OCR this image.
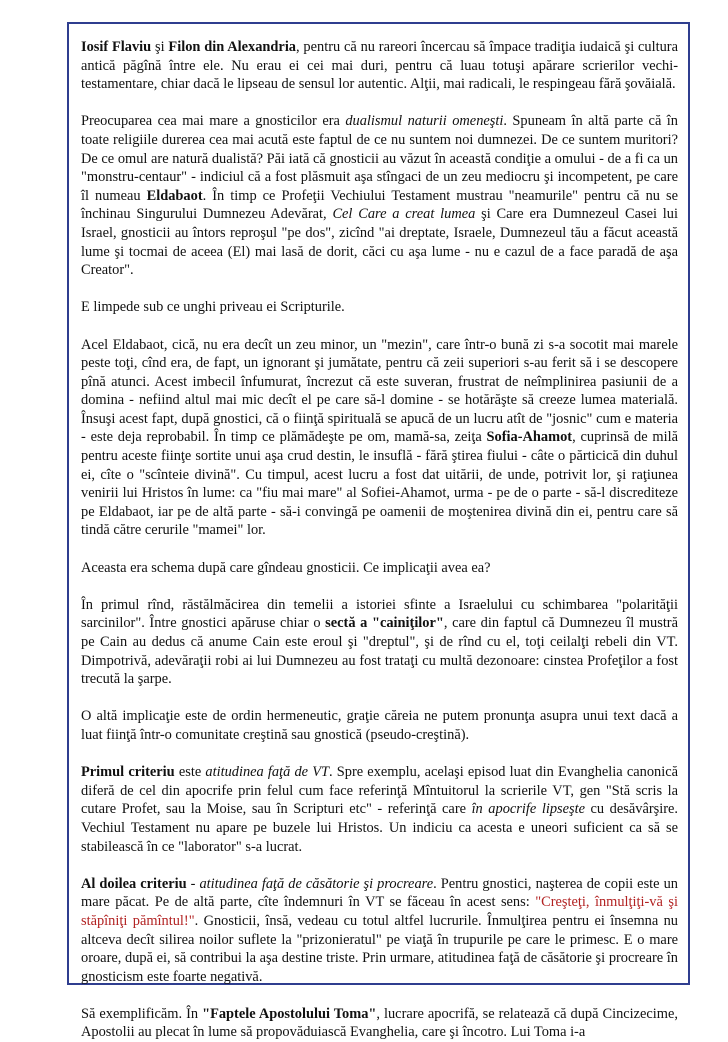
Iosif Flaviu şi Filon din Alexandria, pentru că nu rareori încercau să împace tradiţia iudaică şi cultura antică păgînă între ele. Nu erau ei cei mai duri, pentru că luau totuşi apărare scrierilor vechi-testamentare, chiar dacă le lipseau de sensul lor autentic. Alţii, mai radicali, le respingeau fără şovăială.

Preocuparea cea mai mare a gnosticilor era dualismul naturii omeneşti. Spuneam în altă parte că în toate religiile durerea cea mai acută este faptul de ce nu suntem noi dumnezei. De ce suntem muritori? De ce omul are natură dualistă? Păi iată că gnosticii au văzut în această condiţie a omului - de a fi ca un "monstru-centaur" - indiciul că a fost plăsmuit aşa stîngaci de un zeu mediocru şi incompetent, pe care îl numeau Eldabaot. În timp ce Profeţii Vechiului Testament mustrau "neamurile" pentru că nu se închinau Singurului Dumnezeu Adevărat, Cel Care a creat lumea şi Care era Dumnezeul Casei lui Israel, gnosticii au întors reproşul "pe dos", zicînd "ai dreptate, Israele, Dumnezeul tău a făcut această lume şi tocmai de aceea (El) mai lasă de dorit, căci cu aşa lume - nu e cazul de a face paradă de aşa Creator".

E limpede sub ce unghi priveau ei Scripturile.

Acel Eldabaot, cică, nu era decît un zeu minor, un "mezin", care într-o bună zi s-a socotit mai marele peste toţi, cînd era, de fapt, un ignorant şi jumătate, pentru că zeii superiori s-au ferit să i se descopere pînă atunci. Acest imbecil înfumurat, încrezut că este suveran, frustrat de neîmplinirea pasiunii de a domina - nefiind altul mai mic decît el pe care să-l domine - se hotărăşte să creeze lumea materială. Însuşi acest fapt, după gnostici, că o fiinţă spirituală se apucă de un lucru atît de "josnic" cum e materia - este deja reprobabil. În timp ce plămădeşte pe om, mamă-sa, zeiţa Sofia-Ahamot, cuprinsă de milă pentru aceste fiinţe sortite unui aşa crud destin, le insuflă - fără ştirea fiului - câte o părticică din duhul ei, cîte o "scînteie divină". Cu timpul, acest lucru a fost dat uitării, de unde, potrivit lor, şi raţiunea venirii lui Hristos în lume: ca "fiu mai mare" al Sofiei-Ahamot, urma - pe de o parte - să-l discrediteze pe Eldabaot, iar pe de altă parte - să-i convingă pe oamenii de moştenirea divină din ei, pentru care să tindă către cerurile "mamei" lor.

Aceasta era schema după care gîndeau gnosticii. Ce implicaţii avea ea?

În primul rînd, răstălmăcirea din temelii a istoriei sfinte a Israelului cu schimbarea "polarităţii sarcinilor". Între gnostici apăruse chiar o sectă a "cainiţilor", care din faptul că Dumnezeu îl mustră pe Cain au dedus că anume Cain este eroul şi "dreptul", şi de rînd cu el, toţi ceilalţi rebeli din VT. Dimpotrivă, adevăraţii robi ai lui Dumnezeu au fost trataţi cu multă dezonoare: cinstea Profeţilor a fost trecută la şarpe.

O altă implicaţie este de ordin hermeneutic, graţie căreia ne putem pronunţa asupra unui text dacă a luat fiinţă într-o comunitate creştină sau gnostică (pseudo-creştină).

Primul criteriu este atitudinea faţă de VT. Spre exemplu, acelaşi episod luat din Evanghelia canonică diferă de cel din apocrife prin felul cum face referinţă Mîntuitorul la scrierile VT, gen "Stă scris la cutare Profet, sau la Moise, sau în Scripturi etc" - referinţă care în apocrife lipseşte cu desăvârşire. Vechiul Testament nu apare pe buzele lui Hristos. Un indiciu ca acesta e uneori suficient ca să se stabilească în ce "laborator" s-a lucrat.

Al doilea criteriu - atitudinea faţă de căsătorie şi procreare. Pentru gnostici, naşterea de copii este un mare păcat. Pe de altă parte, cîte îndemnuri în VT se făceau în acest sens: "Creşteţi, înmulţiţi-vă şi stăpîniţi pămîntul!". Gnosticii, însă, vedeau cu totul altfel lucrurile. Înmulţirea pentru ei însemna nu altceva decît silirea noilor suflete la "prizonieratul" pe viaţă în trupurile pe care le primesc. E o mare oroare, după ei, să contribui la aşa destine triste. Prin urmare, atitudinea faţă de căsătorie şi procreare în gnosticism este foarte negativă.

Să exemplificăm. În "Faptele Apostolului Toma", lucrare apocrifă, se relatează că după Cincizecime, Apostolii au plecat în lume să propovăduiască Evanghelia, care şi încotro. Lui Toma i-a
